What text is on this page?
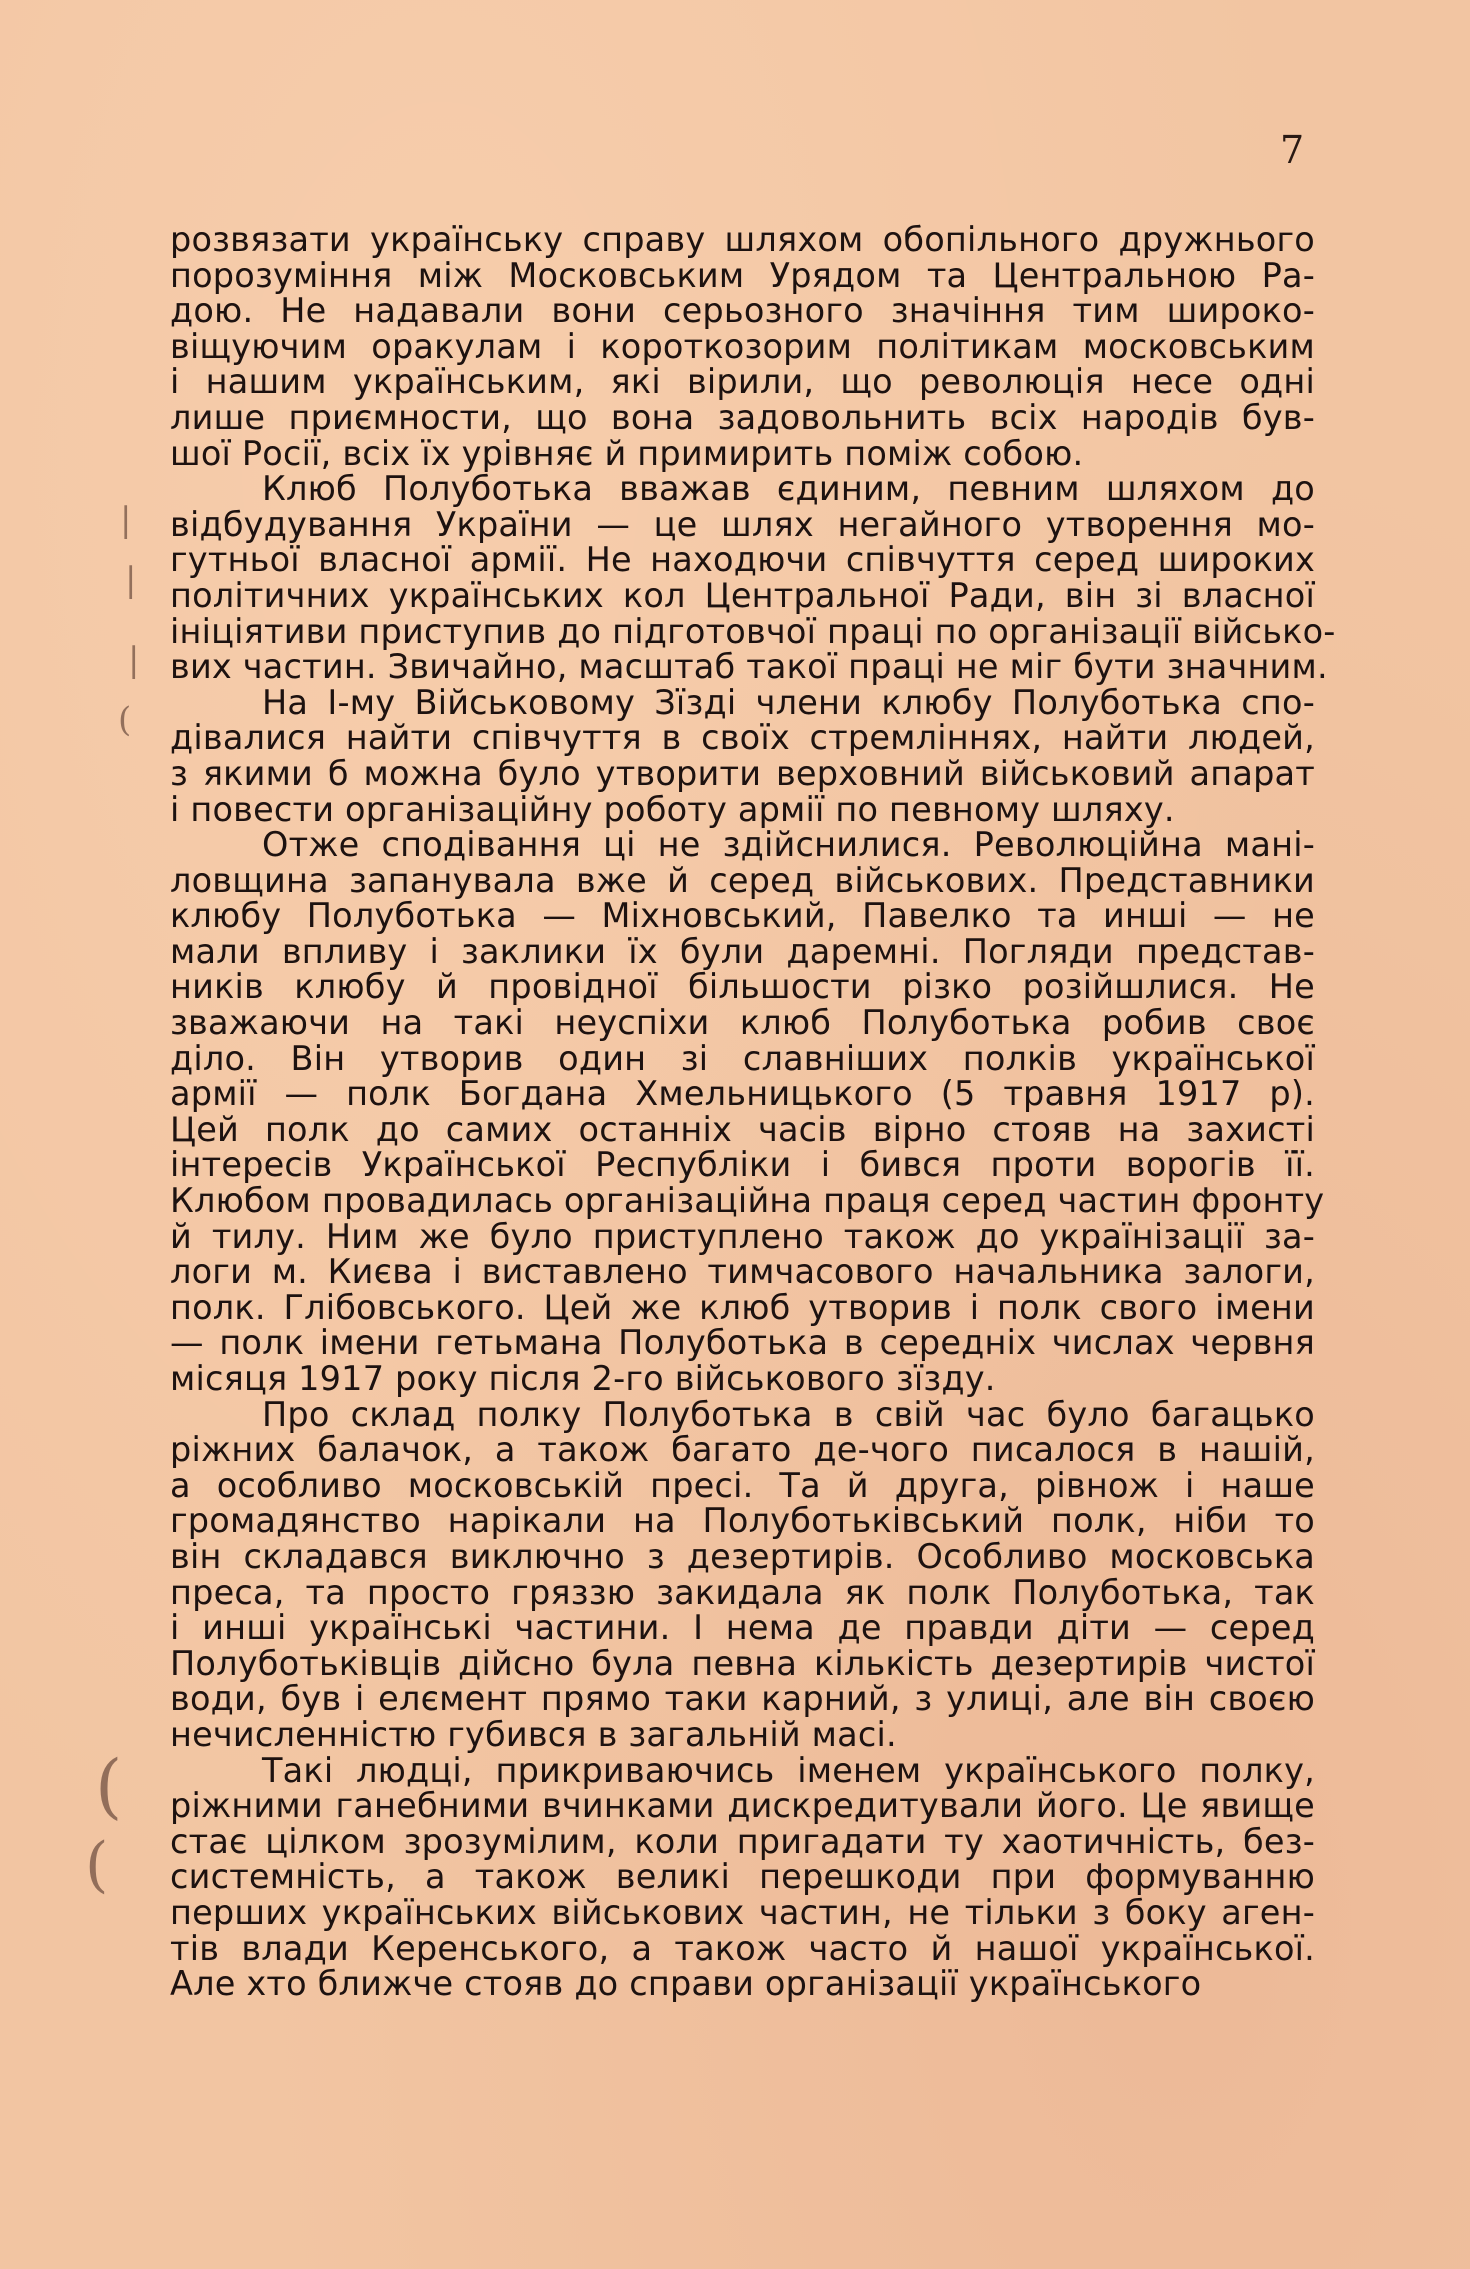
7
розвязати українську справу шляхом обопільного дружнього
порозуміння між Московським Урядом та Центральною Ра-
дою. Не надавали вони серьозного значіння тим широко-
віщуючим оракулам і короткозорим політикам московським
і нашим українським, які вірили, що революція несе одні
лише приємности, що вона задовольнить всіх народів був-
шої Росії, всіх їх урівняє й примирить поміж собою.
Клюб Полуботька вважав єдиним, певним шляхом до
відбудування України — це шлях негайного утворення мо-
гутньої власної армії. Не находючи співчуття серед широких
політичних українських кол Центральної Ради, він зі власної
ініціятиви приступив до підготовчої праці по організації військо-
вих частин. Звичайно, масштаб такої праці не міг бути значним.
На І-му Військовому Зїзді члени клюбу Полуботька спо-
дівалися найти співчуття в своїх стремліннях, найти людей,
з якими б можна було утворити верховний військовий апарат
і повести організаційну роботу армії по певному шляху.
Отже сподівання ці не здійснилися. Революційна мані-
ловщина запанувала вже й серед військових. Представники
клюбу Полуботька — Міхновський, Павелко та инші — не
мали впливу і заклики їх були даремні. Погляди представ-
ників клюбу й провідної більшости різко розійшлися. Не
зважаючи на такі неуспіхи клюб Полуботька робив своє
діло. Він утворив один зі славніших полків української
армії — полк Богдана Хмельницького (5 травня 1917 р).
Цей полк до самих останніх часів вірно стояв на захисті
інтересів Української Республіки і бився проти ворогів її.
Клюбом провадилась організаційна праця серед частин фронту
й тилу. Ним же було приступлено також до українізації за-
логи м. Києва і виставлено тимчасового начальника залоги,
полк. Глібовського. Цей же клюб утворив і полк свого імени
— полк імени гетьмана Полуботька в середніх числах червня
місяця 1917 року після 2-го військового зїзду.
Про склад полку Полуботька в свій час було багацько
ріжних балачок, а також багато де-чого писалося в нашій,
а особливо московській пресі. Та й друга, рівнож і наше
громадянство нарікали на Полуботьківський полк, ніби то
він складався виключно з дезертирів. Особливо московська
преса, та просто гряззю закидала як полк Полуботька, так
і инші українські частини. І нема де правди діти — серед
Полуботьківців дійсно була певна кількість дезертирів чистої
води, був і елємент прямо таки карний, з улиці, але він своєю
нечисленністю губився в загальній масі.
Такі людці, прикриваючись іменем українського полку,
ріжними ганебними вчинками дискредитували його. Це явище
стає цілком зрозумілим, коли пригадати ту хаотичність, без-
системність, а також великі перешкоди при формуванню
перших українських військових частин, не тільки з боку аген-
тів влади Керенського, а також часто й нашої української.
Але хто ближче стояв до справи організації українського
|
|
|
(
(
(
